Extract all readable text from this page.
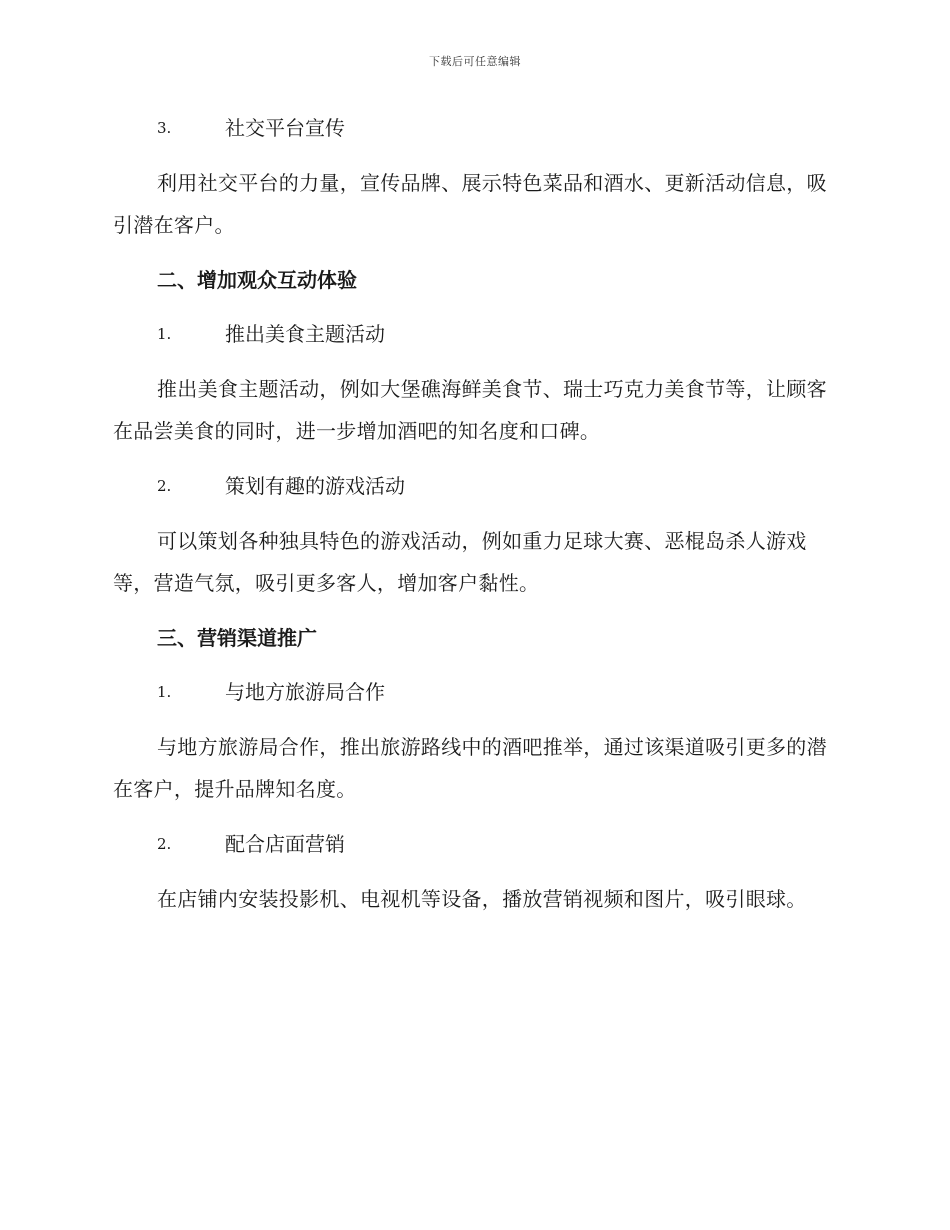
下载后可任意编辑
3.	社交平台宣传

利用社交平台的力量，宣传品牌、展示特色菜品和酒水、更新活动信息，吸引潜在客户。

二、增加观众互动体验
1.	推出美食主题活动

推出美食主题活动，例如大堡礁海鲜美食节、瑞士巧克力美食节等，让顾客在品尝美食的同时，进一步增加酒吧的知名度和口碑。

2.	策划有趣的游戏活动

可以策划各种独具特色的游戏活动，例如重力足球大赛、恶棍岛杀人游戏等，营造气氛，吸引更多客人，增加客户黏性。

三、营销渠道推广
1.	与地方旅游局合作

与地方旅游局合作，推出旅游路线中的酒吧推举，通过该渠道吸引更多的潜在客户，提升品牌知名度。

2.	配合店面营销

在店铺内安装投影机、电视机等设备，播放营销视频和图片，吸引眼球。
